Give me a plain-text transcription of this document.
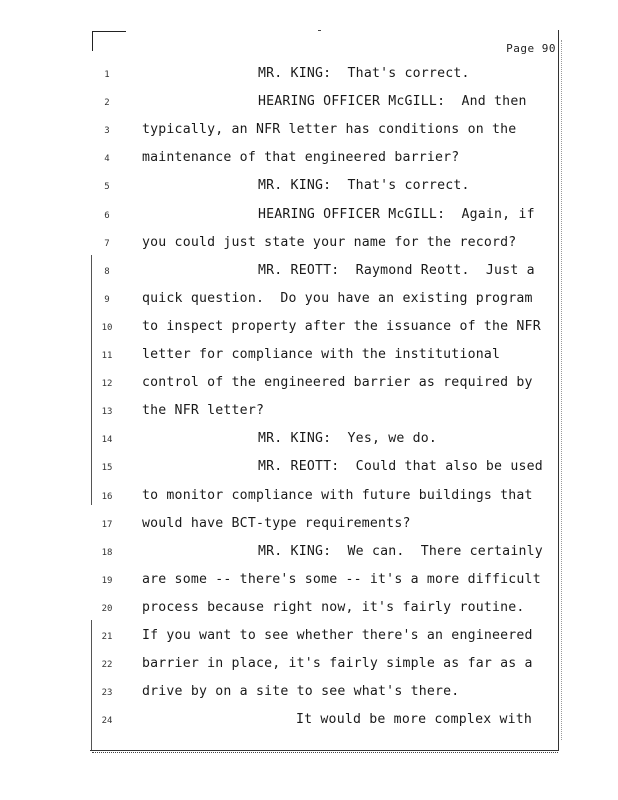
Page 90
1	MR. KING:  That's correct.
2	HEARING OFFICER McGILL:  And then
3	typically, an NFR letter has conditions on the
4	maintenance of that engineered barrier?
5	MR. KING:  That's correct.
6	HEARING OFFICER McGILL:  Again, if
7	you could just state your name for the record?
8	MR. REOTT:  Raymond Reott.  Just a
9	quick question.  Do you have an existing program
10	to inspect property after the issuance of the NFR
11	letter for compliance with the institutional
12	control of the engineered barrier as required by
13	the NFR letter?
14	MR. KING:  Yes, we do.
15	MR. REOTT:  Could that also be used
16	to monitor compliance with future buildings that
17	would have BCT-type requirements?
18	MR. KING:  We can.  There certainly
19	are some -- there's some -- it's a more difficult
20	process because right now, it's fairly routine.
21	If you want to see whether there's an engineered
22	barrier in place, it's fairly simple as far as a
23	drive by on a site to see what's there.
24	It would be more complex with
